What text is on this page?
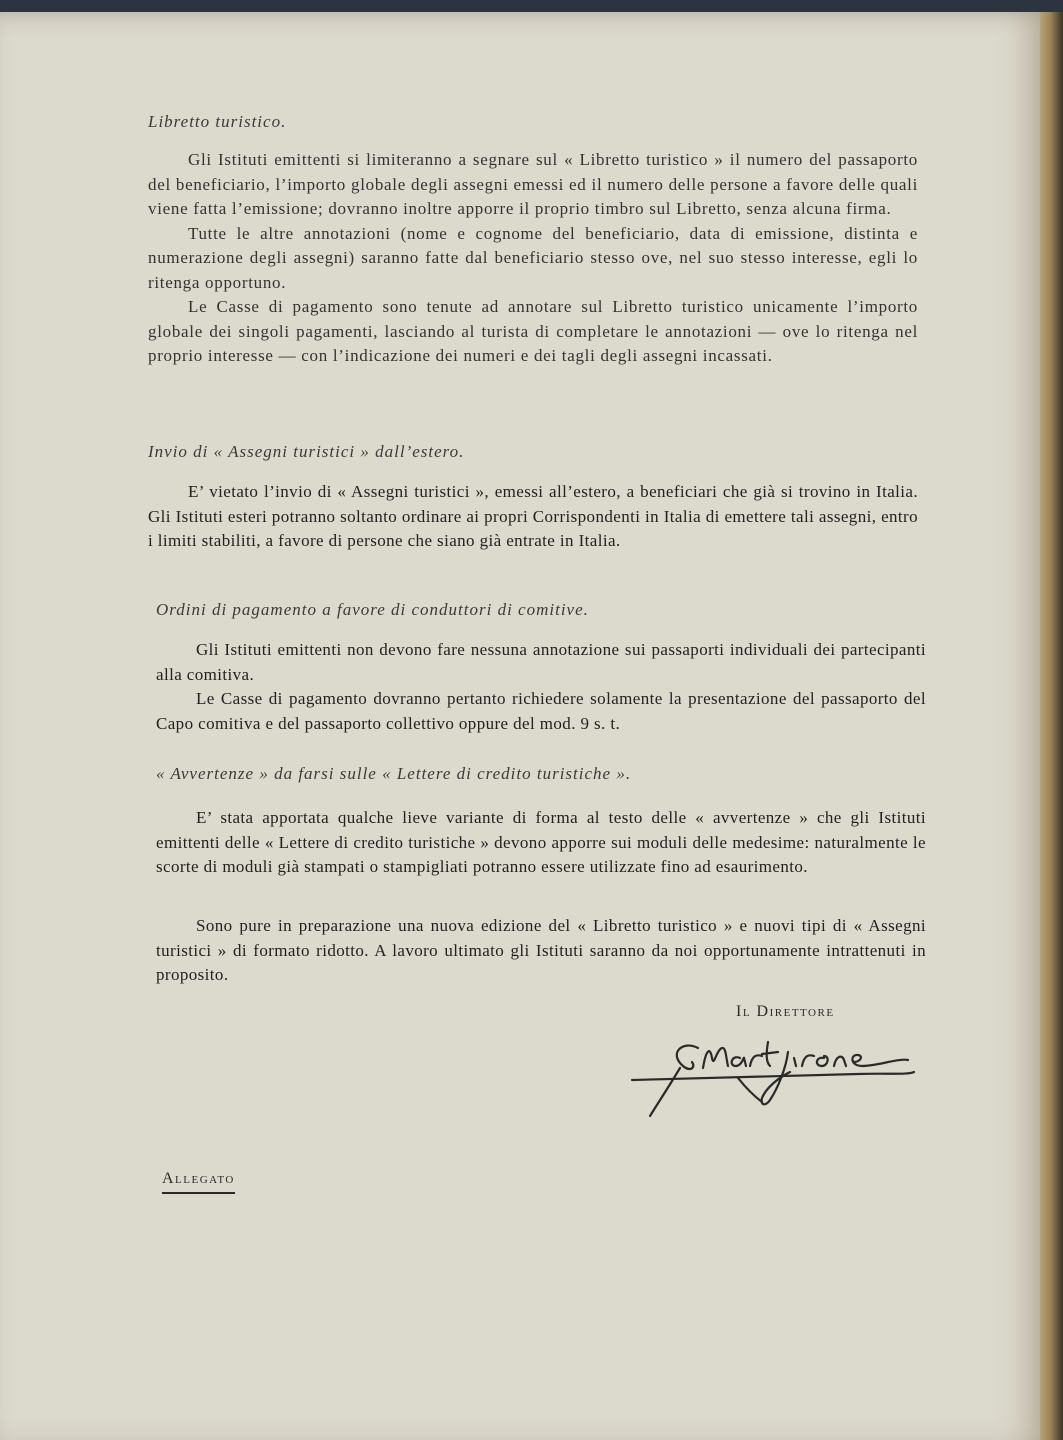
Libretto turistico.

Gli Istituti emittenti si limiteranno a segnare sul « Libretto turistico » il numero del passaporto del beneficiario, l’importo globale degli assegni emessi ed il numero delle persone a favore delle quali viene fatta l’emissione; dovranno inoltre apporre il proprio timbro sul Libretto, senza alcuna firma.

Tutte le altre annotazioni (nome e cognome del beneficiario, data di emissione, distinta e numerazione degli assegni) saranno fatte dal beneficiario stesso ove, nel suo stesso interesse, egli lo ritenga opportuno.

Le Casse di pagamento sono tenute ad annotare sul Libretto turistico unicamente l’importo globale dei singoli pagamenti, lasciando al turista di completare le annotazioni — ove lo ritenga nel proprio interesse — con l’indicazione dei numeri e dei tagli degli assegni incassati.

Invio di « Assegni turistici » dall’estero.

E’ vietato l’invio di « Assegni turistici », emessi all’estero, a beneficiari che già si trovino in Italia. Gli Istituti esteri potranno soltanto ordinare ai propri Corrispondenti in Italia di emettere tali assegni, entro i limiti stabiliti, a favore di persone che siano già entrate in Italia.

Ordini di pagamento a favore di conduttori di comitive.

Gli Istituti emittenti non devono fare nessuna annotazione sui passaporti individuali dei partecipanti alla comitiva.

Le Casse di pagamento dovranno pertanto richiedere solamente la presentazione del passaporto del Capo comitiva e del passaporto collettivo oppure del mod. 9 s. t.

« Avvertenze » da farsi sulle « Lettere di credito turistiche ».

E’ stata apportata qualche lieve variante di forma al testo delle « avvertenze » che gli Istituti emittenti delle « Lettere di credito turistiche » devono apporre sui moduli delle medesime: naturalmente le scorte di moduli già stampati o stampigliati potranno essere utilizzate fino ad esaurimento.

Sono pure in preparazione una nuova edizione del « Libretto turistico » e nuovi tipi di « Assegni turistici » di formato ridotto. A lavoro ultimato gli Istituti saranno da noi opportunamente intrattenuti in proposito.

Il Direttore
Allegato
